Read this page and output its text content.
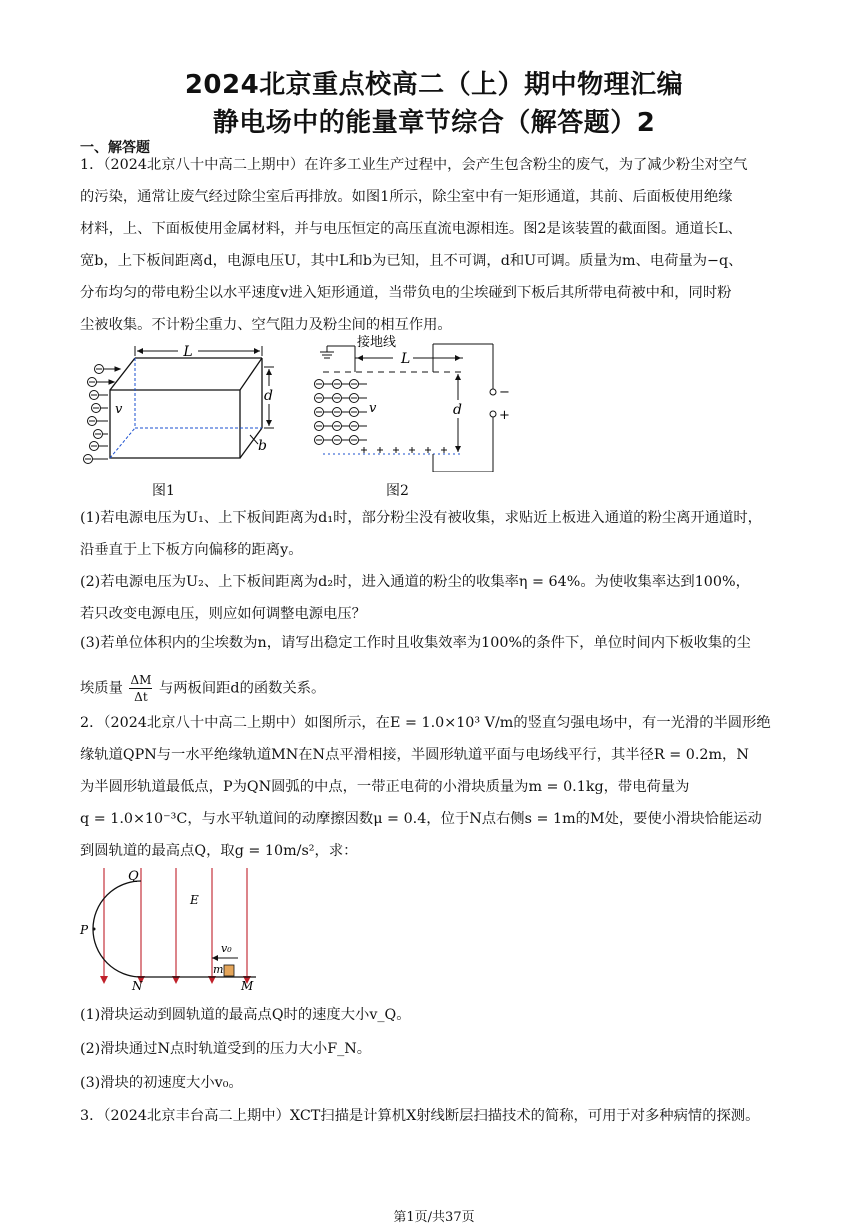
2024北京重点校高二（上）期中物理汇编
静电场中的能量章节综合（解答题）2
一、解答题
1．（2024北京八十中高二上期中）在许多工业生产过程中，会产生包含粉尘的废气，为了减少粉尘对空气
的污染，通常让废气经过除尘室后再排放。如图1所示，除尘室中有一矩形通道，其前、后面板使用绝缘
材料，上、下面板使用金属材料，并与电压恒定的高压直流电源相连。图2是该装置的截面图。通道长L、
宽b，上下板间距离d，电源电压U，其中L和b为已知，且不可调，d和U可调。质量为m、电荷量为−q、
分布均匀的带电粉尘以水平速度v进入矩形通道，当带负电的尘埃碰到下板后其所带电荷被中和，同时粉
尘被收集。不计粉尘重力、空气阻力及粉尘间的相互作用。
L
d
b
v
接地线
L
−
+
d
v
图1	图2
(1)若电源电压为U₁、上下板间距离为d₁时，部分粉尘没有被收集，求贴近上板进入通道的粉尘离开通道时，
沿垂直于上下板方向偏移的距离y。
(2)若电源电压为U₂、上下板间距离为d₂时，进入通道的粉尘的收集率η = 64%。为使收集率达到100%，
若只改变电源电压，则应如何调整电源电压？
(3)若单位体积内的尘埃数为n，请写出稳定工作时且收集效率为100%的条件下，单位时间内下板收集的尘
埃质量 $\frac{\Delta M}{\Delta t}$ 与两板间距d的函数关系。
2．（2024北京八十中高二上期中）如图所示，在E = 1.0×10³ V/m的竖直匀强电场中，有一光滑的半圆形绝
缘轨道QPN与一水平绝缘轨道MN在N点平滑相接，半圆形轨道平面与电场线平行，其半径R = 0.2m，N
为半圆形轨道最低点，P为QN圆弧的中点，一带正电荷的小滑块质量为m = 0.1kg，带电荷量为
q = 1.0×10⁻³C，与水平轨道间的动摩擦因数μ = 0.4，位于N点右侧s = 1m的M处，要使小滑块恰能运动
到圆轨道的最高点Q，取g = 10m/s²，求：
Q
P
N	M
E
m
v₀
(1)滑块运动到圆轨道的最高点Q时的速度大小v_Q。
(2)滑块通过N点时轨道受到的压力大小F_N。
(3)滑块的初速度大小v₀。
3．（2024北京丰台高二上期中）XCT扫描是计算机X射线断层扫描技术的简称，可用于对多种病情的探测。
第1页/共37页
